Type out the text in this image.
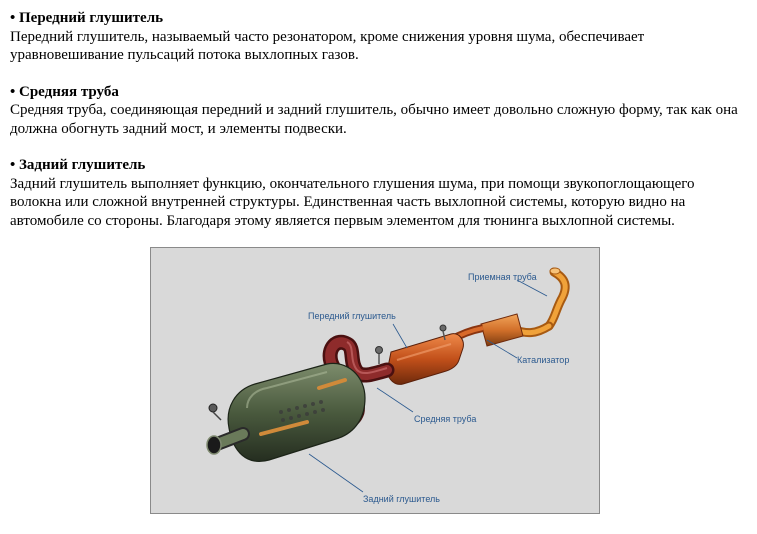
• Передний глушитель
Передний глушитель, называемый часто резонатором, кроме снижения уровня шума, обеспечивает уравновешивание пульсаций потока выхлопных газов.
• Средняя труба
Средняя труба, соединяющая передний и задний глушитель, обычно имеет довольно сложную форму, так как она должна обогнуть задний мост, и элементы подвески.
• Задний глушитель
Задний глушитель выполняет функцию, окончательного глушения шума, при помощи звукопоглощающего волокна или сложной внутренней структуры. Единственная часть выхлопной системы, которую видно на автомобиле со стороны. Благодаря этому является первым элементом для тюнинга выхлопной системы.
Приемная труба
Передний глушитель
Катализатор
Средняя труба
Задний глушитель
